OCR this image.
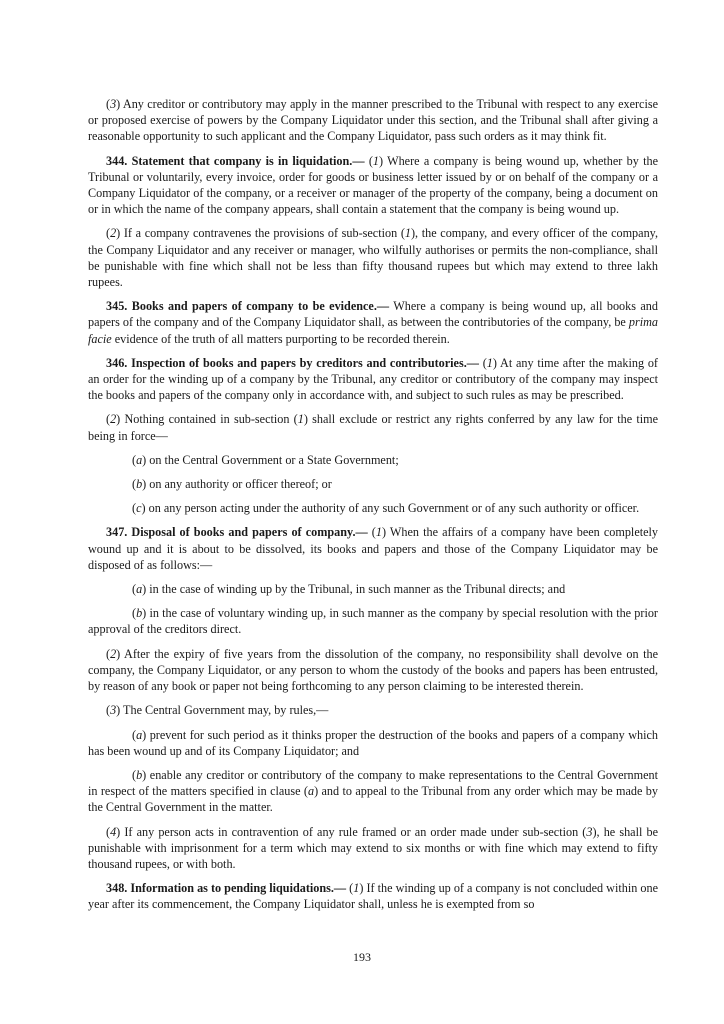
(3) Any creditor or contributory may apply in the manner prescribed to the Tribunal with respect to any exercise or proposed exercise of powers by the Company Liquidator under this section, and the Tribunal shall after giving a reasonable opportunity to such applicant and the Company Liquidator, pass such orders as it may think fit.

344. Statement that company is in liquidation.— (1) Where a company is being wound up, whether by the Tribunal or voluntarily, every invoice, order for goods or business letter issued by or on behalf of the company or a Company Liquidator of the company, or a receiver or manager of the property of the company, being a document on or in which the name of the company appears, shall contain a statement that the company is being wound up.

(2) If a company contravenes the provisions of sub-section (1), the company, and every officer of the company, the Company Liquidator and any receiver or manager, who wilfully authorises or permits the non-compliance, shall be punishable with fine which shall not be less than fifty thousand rupees but which may extend to three lakh rupees.

345. Books and papers of company to be evidence.— Where a company is being wound up, all books and papers of the company and of the Company Liquidator shall, as between the contributories of the company, be prima facie evidence of the truth of all matters purporting to be recorded therein.

346. Inspection of books and papers by creditors and contributories.— (1) At any time after the making of an order for the winding up of a company by the Tribunal, any creditor or contributory of the company may inspect the books and papers of the company only in accordance with, and subject to such rules as may be prescribed.

(2) Nothing contained in sub-section (1) shall exclude or restrict any rights conferred by any law for the time being in force—

(a) on the Central Government or a State Government;

(b) on any authority or officer thereof; or

(c) on any person acting under the authority of any such Government or of any such authority or officer.

347. Disposal of books and papers of company.— (1) When the affairs of a company have been completely wound up and it is about to be dissolved, its books and papers and those of the Company Liquidator may be disposed of as follows:—

(a) in the case of winding up by the Tribunal, in such manner as the Tribunal directs; and

(b) in the case of voluntary winding up, in such manner as the company by special resolution with the prior approval of the creditors direct.

(2) After the expiry of five years from the dissolution of the company, no responsibility shall devolve on the company, the Company Liquidator, or any person to whom the custody of the books and papers has been entrusted, by reason of any book or paper not being forthcoming to any person claiming to be interested therein.

(3) The Central Government may, by rules,—

(a) prevent for such period as it thinks proper the destruction of the books and papers of a company which has been wound up and of its Company Liquidator; and

(b) enable any creditor or contributory of the company to make representations to the Central Government in respect of the matters specified in clause (a) and to appeal to the Tribunal from any order which may be made by the Central Government in the matter.

(4) If any person acts in contravention of any rule framed or an order made under sub-section (3), he shall be punishable with imprisonment for a term which may extend to six months or with fine which may extend to fifty thousand rupees, or with both.

348. Information as to pending liquidations.— (1) If the winding up of a company is not concluded within one year after its commencement, the Company Liquidator shall, unless he is exempted from so

193
